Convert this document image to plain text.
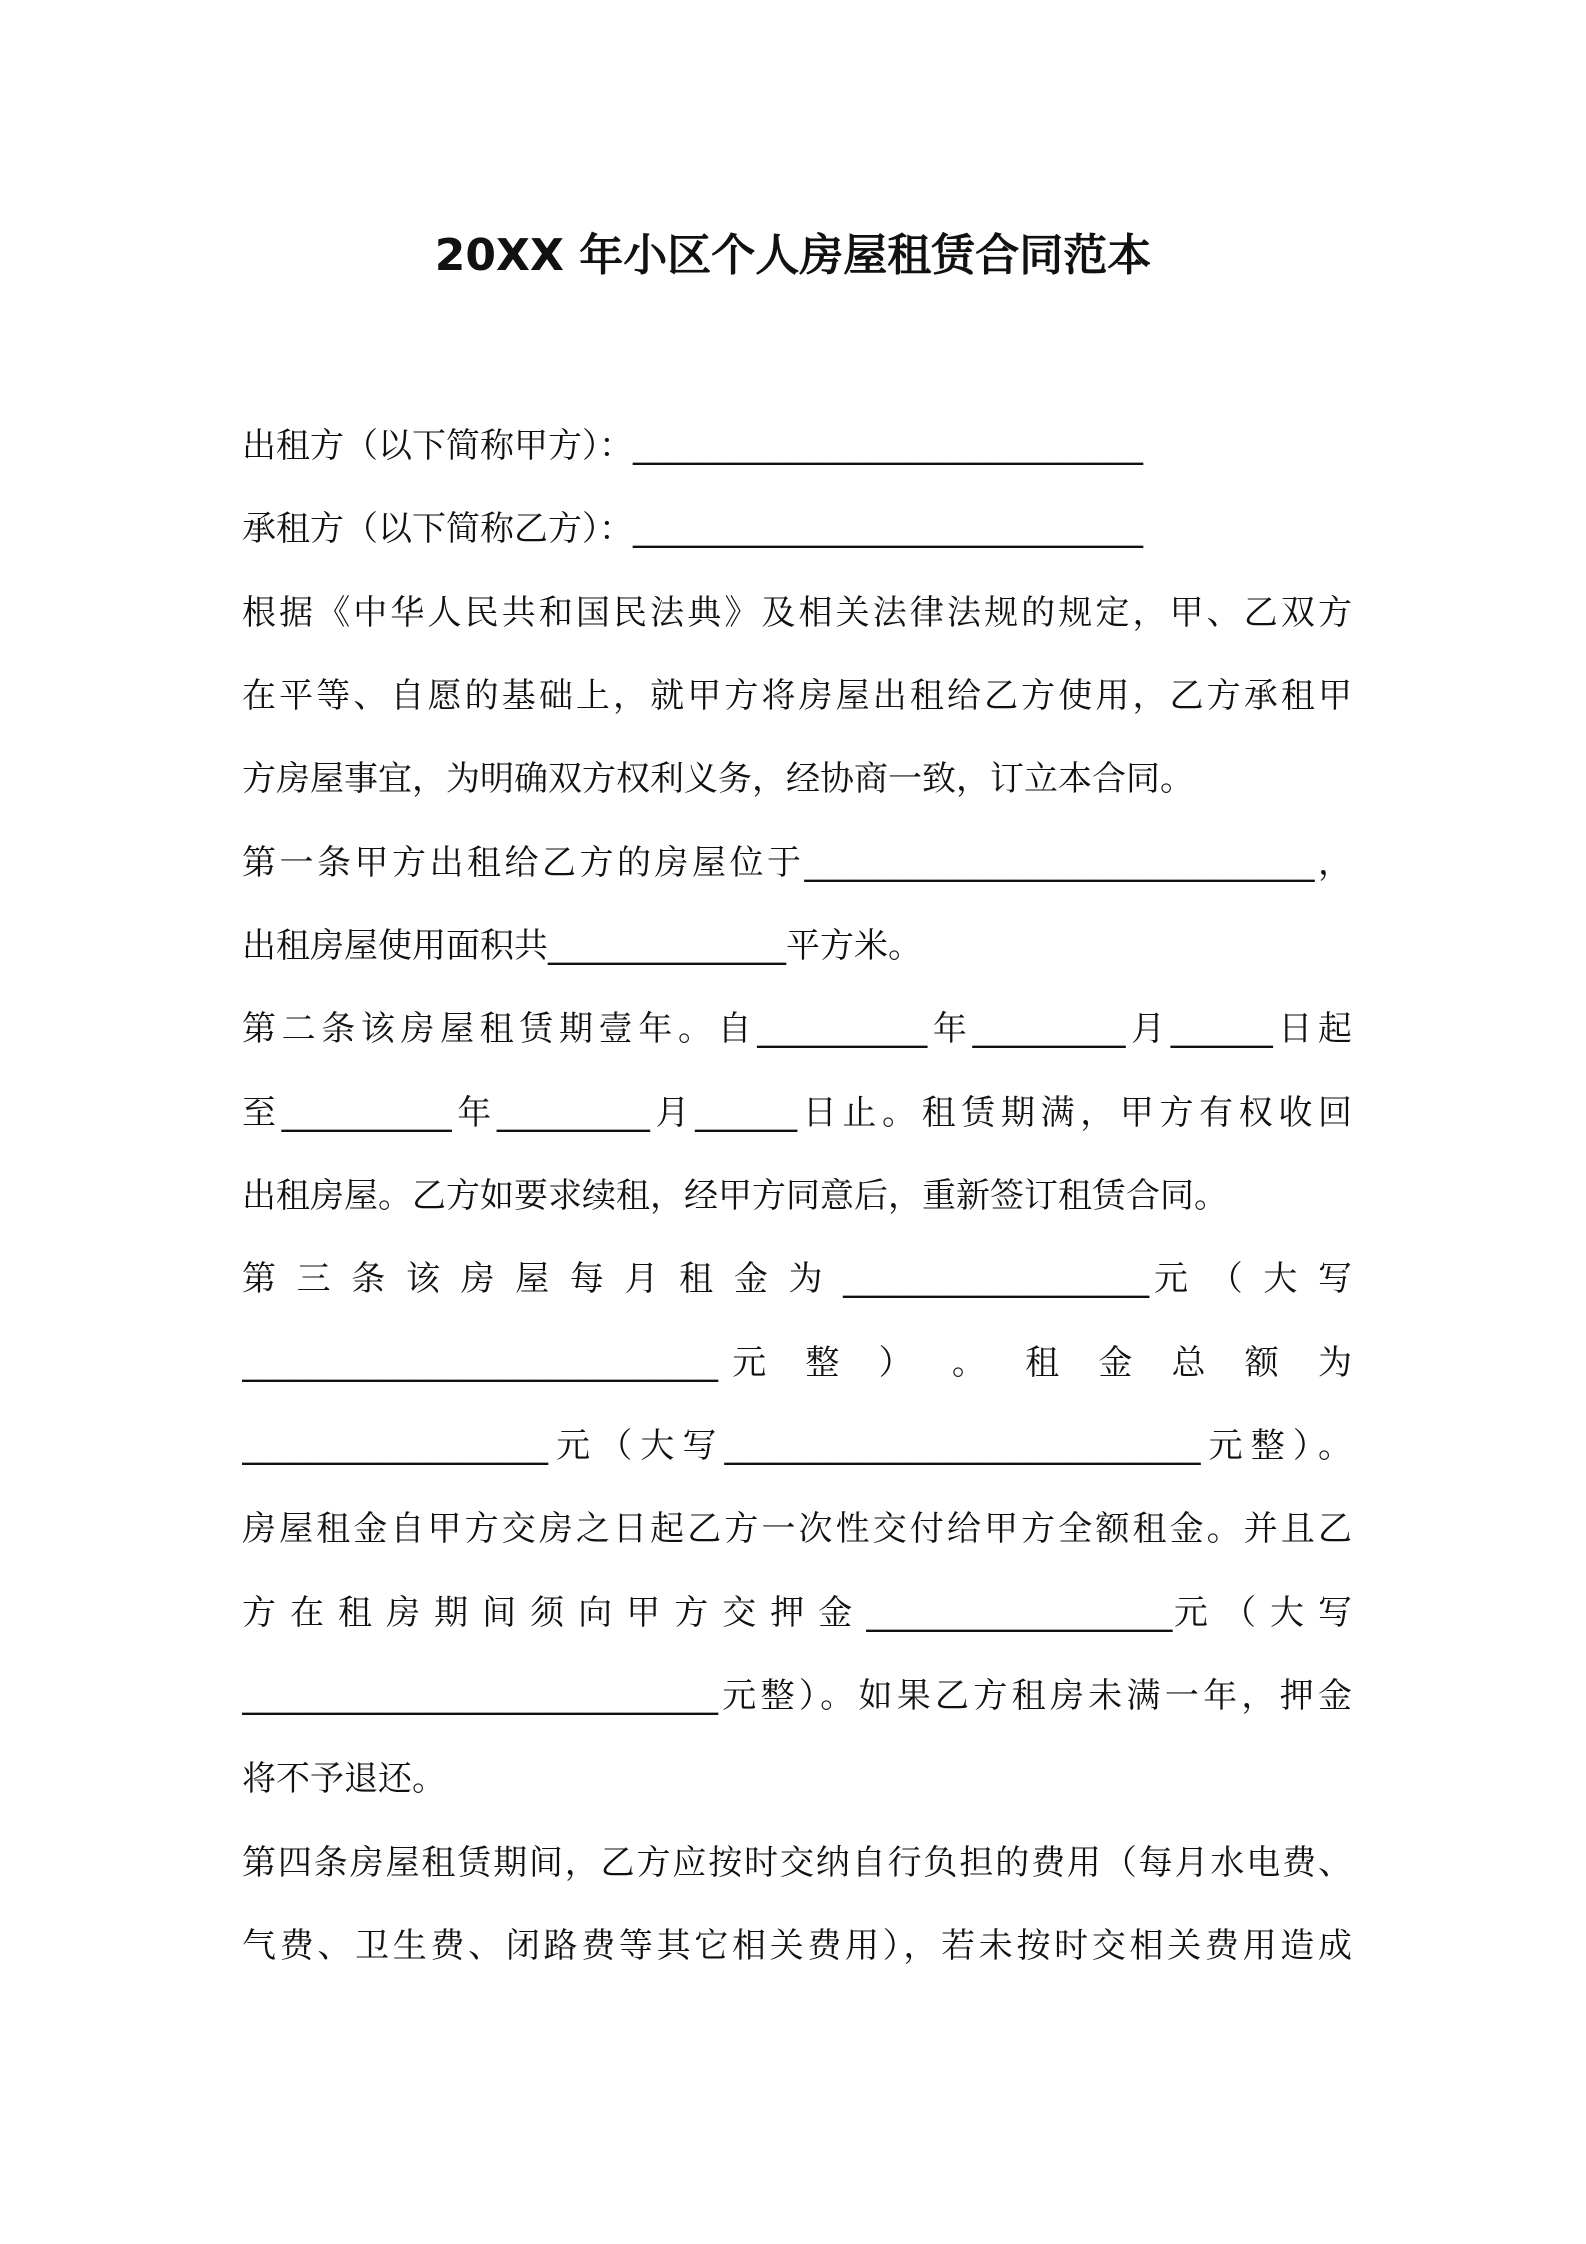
20XX 年小区个人房屋租赁合同范本
出租方（以下简称甲方）：______________________________
承租方（以下简称乙方）：______________________________
根据《中华人民共和国民法典》及相关法律法规的规定，甲、乙双方
在平等、自愿的基础上，就甲方将房屋出租给乙方使用，乙方承租甲
方房屋事宜，为明确双方权利义务，经协商一致，订立本合同。
第一条甲方出租给乙方的房屋位于______________________________，
出租房屋使用面积共______________平方米。
第二条该房屋租赁期壹年。自__________年_________月______日起
至__________年_________月______日止。租赁期满，甲方有权收回
出租房屋。乙方如要求续租，经甲方同意后，重新签订租赁合同。
第 三 条 该 房 屋 每 月 租 金 为 __________________元 （ 大 写
____________________________元 整 ） 。 租 金 总 额 为
__________________元（大写____________________________元整）。
房屋租金自甲方交房之日起乙方一次性交付给甲方全额租金。并且乙
方 在 租 房 期 间 须 向 甲 方 交 押 金 __________________元 （ 大 写
____________________________元整）。如果乙方租房未满一年，押金
将不予退还。
第四条房屋租赁期间，乙方应按时交纳自行负担的费用（每月水电费、
气费、卫生费、闭路费等其它相关费用），若未按时交相关费用造成
